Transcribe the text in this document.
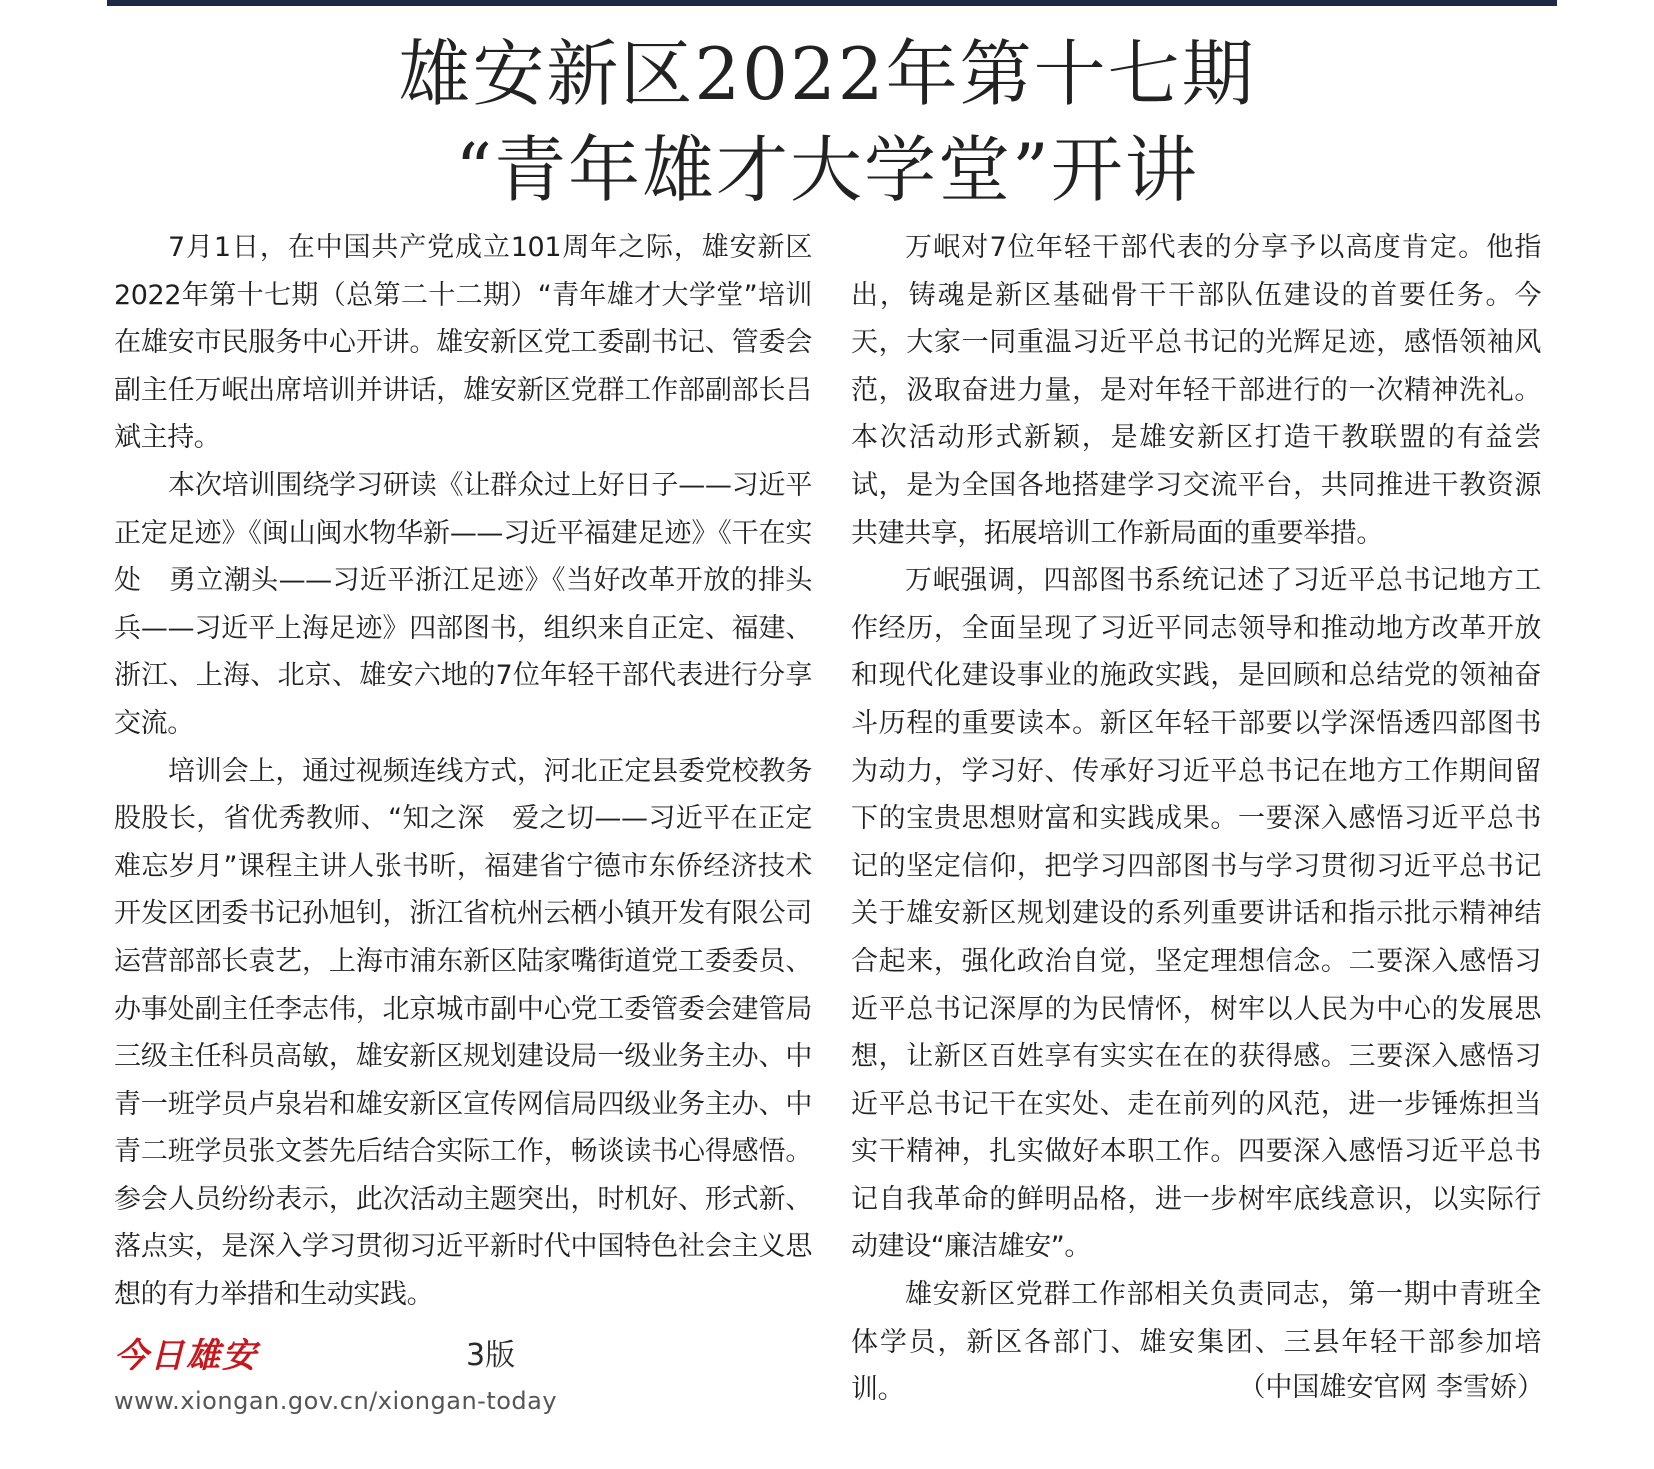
雄安新区2022年第十七期
“青年雄才大学堂”开讲

7月1日，在中国共产党成立101周年之际，雄安新区2022年第十七期（总第二十二期）“青年雄才大学堂”培训在雄安市民服务中心开讲。雄安新区党工委副书记、管委会副主任万岷出席培训并讲话，雄安新区党群工作部副部长吕斌主持。

本次培训围绕学习研读《让群众过上好日子——习近平正定足迹》《闽山闽水物华新——习近平福建足迹》《干在实处　勇立潮头——习近平浙江足迹》《当好改革开放的排头兵——习近平上海足迹》四部图书，组织来自正定、福建、浙江、上海、北京、雄安六地的7位年轻干部代表进行分享交流。

培训会上，通过视频连线方式，河北正定县委党校教务股股长，省优秀教师、“知之深　爱之切——习近平在正定难忘岁月”课程主讲人张书昕，福建省宁德市东侨经济技术开发区团委书记孙旭钊，浙江省杭州云栖小镇开发有限公司运营部部长袁艺，上海市浦东新区陆家嘴街道党工委委员、办事处副主任李志伟，北京城市副中心党工委管委会建管局三级主任科员高敏，雄安新区规划建设局一级业务主办、中青一班学员卢泉岩和雄安新区宣传网信局四级业务主办、中青二班学员张文荟先后结合实际工作，畅谈读书心得感悟。参会人员纷纷表示，此次活动主题突出，时机好、形式新、落点实，是深入学习贯彻习近平新时代中国特色社会主义思想的有力举措和生动实践。

万岷对7位年轻干部代表的分享予以高度肯定。他指出，铸魂是新区基础骨干干部队伍建设的首要任务。今天，大家一同重温习近平总书记的光辉足迹，感悟领袖风范，汲取奋进力量，是对年轻干部进行的一次精神洗礼。本次活动形式新颖，是雄安新区打造干教联盟的有益尝试，是为全国各地搭建学习交流平台，共同推进干教资源共建共享，拓展培训工作新局面的重要举措。

万岷强调，四部图书系统记述了习近平总书记地方工作经历，全面呈现了习近平同志领导和推动地方改革开放和现代化建设事业的施政实践，是回顾和总结党的领袖奋斗历程的重要读本。新区年轻干部要以学深悟透四部图书为动力，学习好、传承好习近平总书记在地方工作期间留下的宝贵思想财富和实践成果。一要深入感悟习近平总书记的坚定信仰，把学习四部图书与学习贯彻习近平总书记关于雄安新区规划建设的系列重要讲话和指示批示精神结合起来，强化政治自觉，坚定理想信念。二要深入感悟习近平总书记深厚的为民情怀，树牢以人民为中心的发展思想，让新区百姓享有实实在在的获得感。三要深入感悟习近平总书记干在实处、走在前列的风范，进一步锤炼担当实干精神，扎实做好本职工作。四要深入感悟习近平总书记自我革命的鲜明品格，进一步树牢底线意识，以实际行动建设“廉洁雄安”。

雄安新区党群工作部相关负责同志，第一期中青班全体学员，新区各部门、雄安集团、三县年轻干部参加培训。	（中国雄安官网 李雪娇）
今日雄安	3版
www.xiongan.gov.cn/xiongan-today
